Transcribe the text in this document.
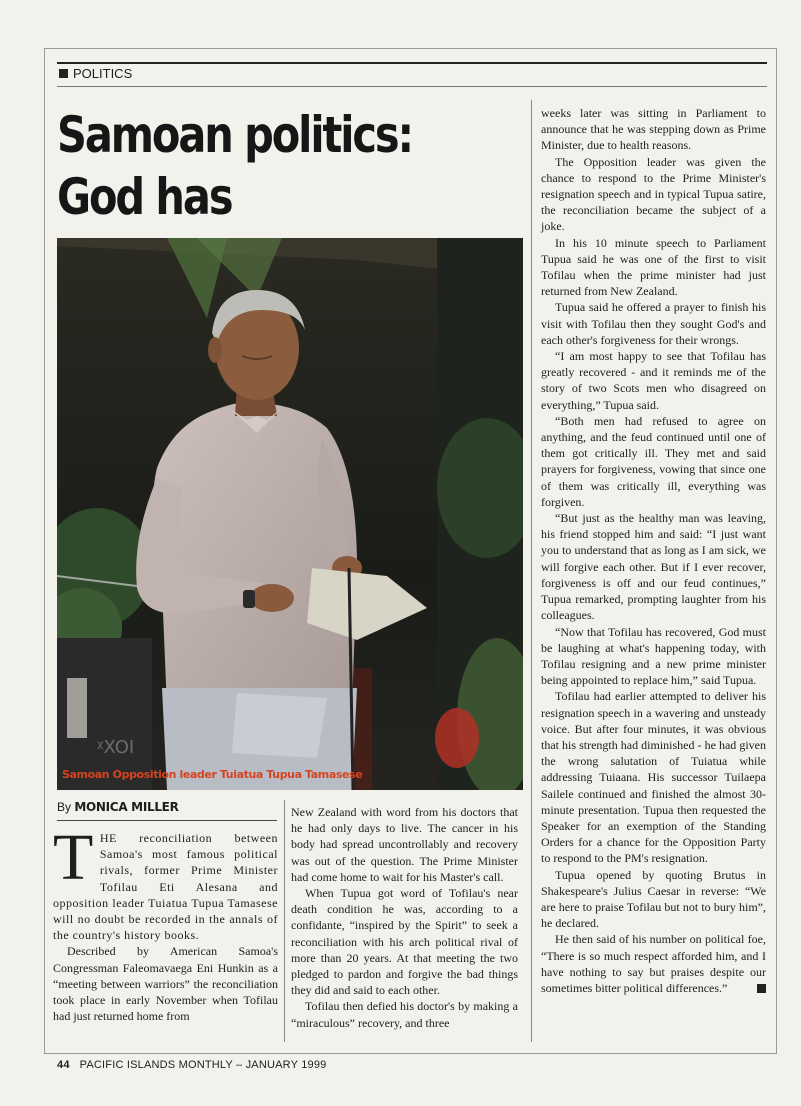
POLITICS
Samoan politics: God has
ᵡXOI
Samoan Opposition leader Tuiatua Tupua Tamasese
By MONICA MILLER

THE reconciliation between Samoa's most famous political rivals, former Prime Minister Tofilau Eti Alesana and opposition leader Tuiatua Tupua Tamasese will no doubt be recorded in the annals of the country's history books.

Described by American Samoa's Congressman Faleomavaega Eni Hunkin as a “meeting between warriors” the reconciliation took place in early November when Tofilau had just returned home from

New Zealand with word from his doctors that he had only days to live. The cancer in his body had spread uncontrollably and recovery was out of the question. The Prime Minister had come home to wait for his Master's call.

When Tupua got word of Tofilau's near death condition he was, according to a confidante, “inspired by the Spirit” to seek a reconciliation with his arch political rival of more than 20 years. At that meeting the two pledged to pardon and forgive the bad things they did and said to each other.

Tofilau then defied his doctor's by making a “miraculous” recovery, and three

weeks later was sitting in Parliament to announce that he was stepping down as Prime Minister, due to health reasons.

The Opposition leader was given the chance to respond to the Prime Minister's resignation speech and in typical Tupua satire, the reconciliation became the subject of a joke.

In his 10 minute speech to Parliament Tupua said he was one of the first to visit Tofilau when the prime minister had just returned from New Zealand.

Tupua said he offered a prayer to finish his visit with Tofilau then they sought God's and each other's forgiveness for their wrongs.

“I am most happy to see that Tofilau has greatly recovered - and it reminds me of the story of two Scots men who disagreed on everything,” Tupua said.

“Both men had refused to agree on anything, and the feud continued until one of them got critically ill. They met and said prayers for forgiveness, vowing that since one of them was critically ill, everything was forgiven.

“But just as the healthy man was leaving, his friend stopped him and said: “I just want you to understand that as long as I am sick, we will forgive each other. But if I ever recover, forgiveness is off and our feud continues,” Tupua remarked, prompting laughter from his colleagues.

“Now that Tofilau has recovered, God must be laughing at what's happening today, with Tofilau resigning and a new prime minister being appointed to replace him,” said Tupua.

Tofilau had earlier attempted to deliver his resignation speech in a wavering and unsteady voice. But after four minutes, it was obvious that his strength had diminished - he had given the wrong salutation of Tuiatua while addressing Tuiaana. His successor Tuilaepa Sailele continued and finished the almost 30-minute presentation. Tupua then requested the Speaker for an exemption of the Standing Orders for a chance for the Opposition Party to respond to the PM's resignation.

Tupua opened by quoting Brutus in Shakespeare's Julius Caesar in reverse: “We are here to praise Tofilau but not to bury him”, he declared.

He then said of his number on political foe, “There is so much respect afforded him, and I have nothing to say but praises despite our sometimes bitter political differences.”

44 PACIFIC ISLANDS MONTHLY – JANUARY 1999
